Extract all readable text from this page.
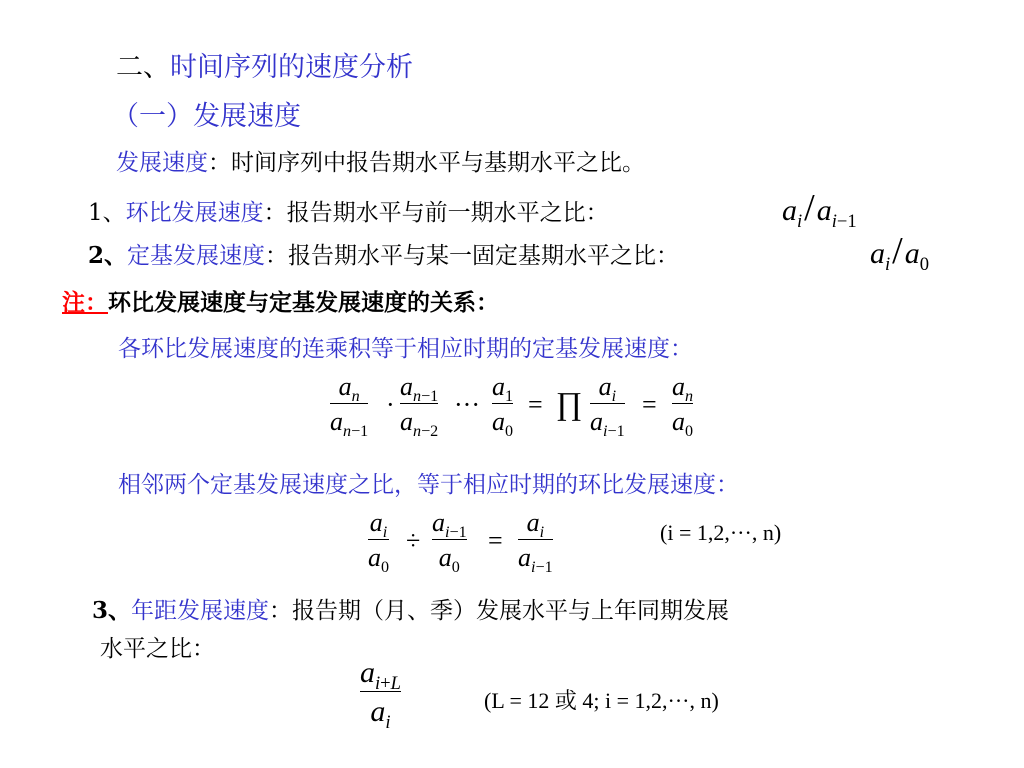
二、时间序列的速度分析
（一）发展速度
发展速度：时间序列中报告期水平与基期水平之比。
1、环比发展速度：报告期水平与前一期水平之比：	$a_i/a_{i-1}$
2、定基发展速度：报告期水平与某一固定基期水平之比：	$a_i/a_0$
注：环比发展速度与定基发展速度的关系：
各环比发展速度的连乘积等于相应时期的定基发展速度：
$a_n$
$a_{n-1}$
·
$a_{n-1}$
$a_{n-2}$
···
$a_1$
$a_0$
= ∏ $a_i$
$a_{i-1}$
=
$a_n$
$a_0$
相邻两个定基发展速度之比，等于相应时期的环比发展速度：
$a_i$
$a_0$
÷
$a_{i-1}$
$a_0$
=
$a_i$
$a_{i-1}$
(i = 1,2,···, n)
3、年距发展速度：报告期（月、季）发展水平与上年同期发展
水平之比：
$a_{i+L}$
$a_i$
(L = 12 或 4; i = 1,2,···, n)
